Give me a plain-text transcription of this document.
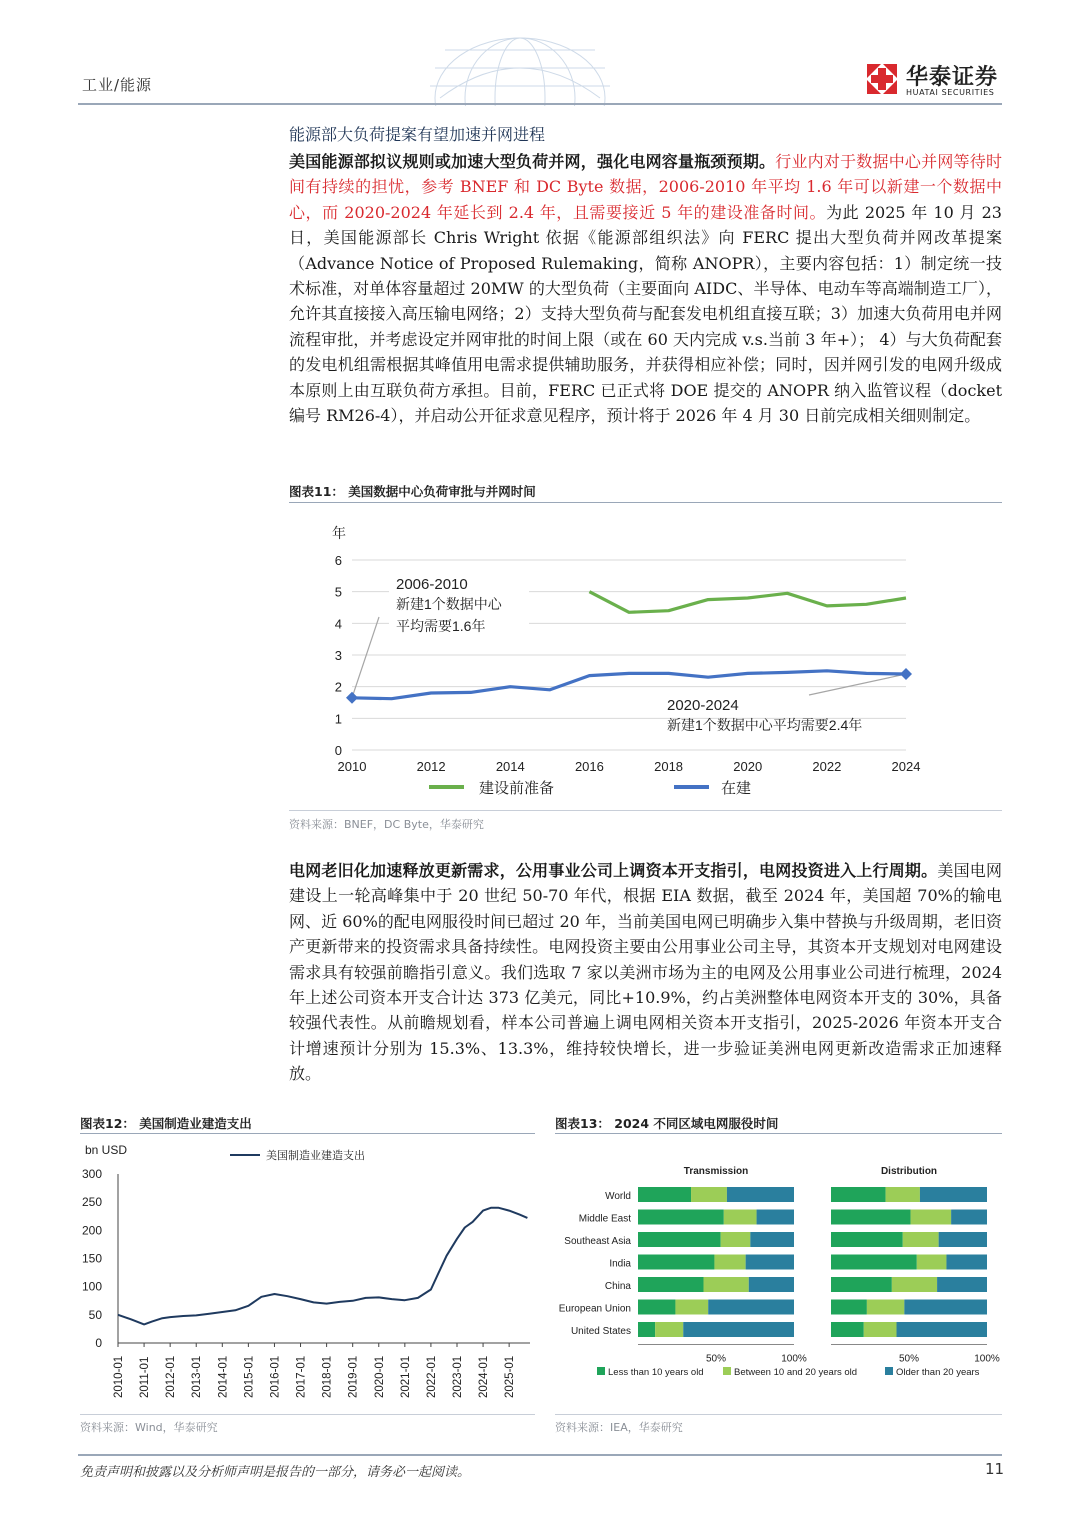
工业/能源	华泰证券
HUATAI SECURITIES
能源部大负荷提案有望加速并网进程
美国能源部拟议规则或加速大型负荷并网，强化电网容量瓶颈预期。行业内对于数据中心并网等待时间有持续的担忧，参考 BNEF 和 DC Byte 数据，2006-2010 年平均 1.6 年可以新建一个数据中心，而 2020-2024 年延长到 2.4 年，且需要接近 5 年的建设准备时间。为此 2025 年 10 月 23 日，美国能源部长 Chris Wright 依据《能源部组织法》向 FERC 提出大型负荷并网改革提案（Advance Notice of Proposed Rulemaking，简称 ANOPR），主要内容包括：1）制定统一技术标准，对单体容量超过 20MW 的大型负荷（主要面向 AIDC、半导体、电动车等高端制造工厂），允许其直接接入高压输电网络；2）支持大型负荷与配套发电机组直接互联；3）加速大负荷用电并网流程审批，并考虑设定并网审批的时间上限（或在 60 天内完成 v.s.当前 3 年+）； 4）与大负荷配套的发电机组需根据其峰值用电需求提供辅助服务，并获得相应补偿；同时，因并网引发的电网升级成本原则上由互联负荷方承担。目前，FERC 已正式将 DOE 提交的 ANOPR 纳入监管议程（docket 编号 RM26-4），并启动公开征求意见程序，预计将于 2026 年 4 月 30 日前完成相关细则制定。
图表11： 美国数据中心负荷审批与并网时间
年
0
1
2
3
4
5
6
2010	2012	2014	2016	2018	2020	2022	2024
2006-2010
新建1个数据中心
平均需要1.6年
2020-2024
新建1个数据中心平均需要2.4年
建设前准备	在建
资料来源：BNEF，DC Byte，华泰研究
电网老旧化加速释放更新需求，公用事业公司上调资本开支指引，电网投资进入上行周期。美国电网建设上一轮高峰集中于 20 世纪 50-70 年代，根据 EIA 数据，截至 2024 年，美国超 70%的输电网、近 60%的配电网服役时间已超过 20 年，当前美国电网已明确步入集中替换与升级周期，老旧资产更新带来的投资需求具备持续性。电网投资主要由公用事业公司主导，其资本开支规划对电网建设需求具有较强前瞻指引意义。我们选取 7 家以美洲市场为主的电网及公用事业公司进行梳理，2024 年上述公司资本开支合计达 373 亿美元，同比+10.9%，约占美洲整体电网资本开支的 30%，具备较强代表性。从前瞻规划看，样本公司普遍上调电网相关资本开支指引，2025-2026 年资本开支合计增速预计分别为 15.3%、13.3%，维持较快增长，进一步验证美洲电网更新改造需求正加速释放。
图表12： 美国制造业建造支出
bn USD
0
50
100
150
200
250
300
2010-01 2011-01 2012-01 2013-01 2014-01 2015-01 2016-01 2017-01 2018-01 2019-01 2020-01 2021-01 2022-01 2023-01 2024-01 2025-01
美国制造业建造支出
资料来源：Wind，华泰研究
图表13： 2024 不同区域电网服役时间
World
Middle East
Southeast Asia
India
China
European Union
United States
Transmission
50%	100%
Distribution
50%	100%
Less than 10 years old	Between 10 and 20 years old	Older than 20 years
资料来源：IEA，华泰研究
免责声明和披露以及分析师声明是报告的一部分，请务必一起阅读。	11
